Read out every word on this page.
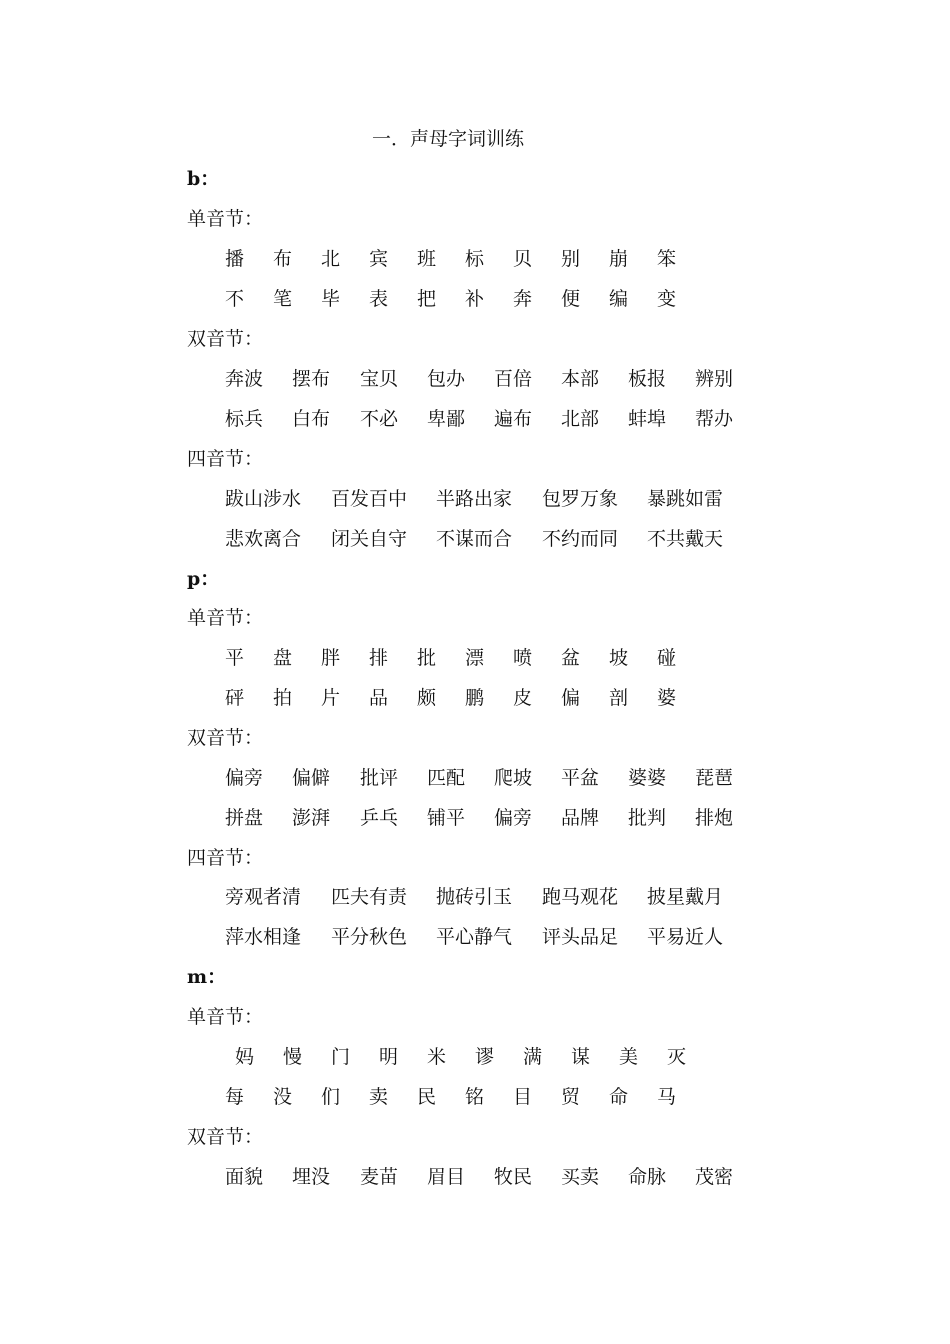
一．声母字词训练
b：
单音节：
播 布 北 宾 班 标 贝 别 崩 笨
不 笔 毕 表 把 补 奔 便 编 变
双音节：
奔波 摆布 宝贝 包办 百倍 本部 板报 辨别
标兵 白布 不必 卑鄙 遍布 北部 蚌埠 帮办
四音节：
跋山涉水 百发百中 半路出家 包罗万象 暴跳如雷
悲欢离合 闭关自守 不谋而合 不约而同 不共戴天
p：
单音节：
平 盘 胖 排 批 漂 喷 盆 坡 碰
砰 拍 片 品 颇 鹏 皮 偏 剖 婆
双音节：
偏旁 偏僻 批评 匹配 爬坡 平盆 婆婆 琵琶
拼盘 澎湃 乒乓 铺平 偏旁 品牌 批判 排炮
四音节：
旁观者清 匹夫有责 抛砖引玉 跑马观花 披星戴月
萍水相逢 平分秋色 平心静气 评头品足 平易近人
m：
单音节：
妈 慢 门 明 米 谬 满 谋 美 灭
每 没 们 卖 民 铭 目 贸 命 马
双音节：
面貌 埋没 麦苗 眉目 牧民 买卖 命脉 茂密
